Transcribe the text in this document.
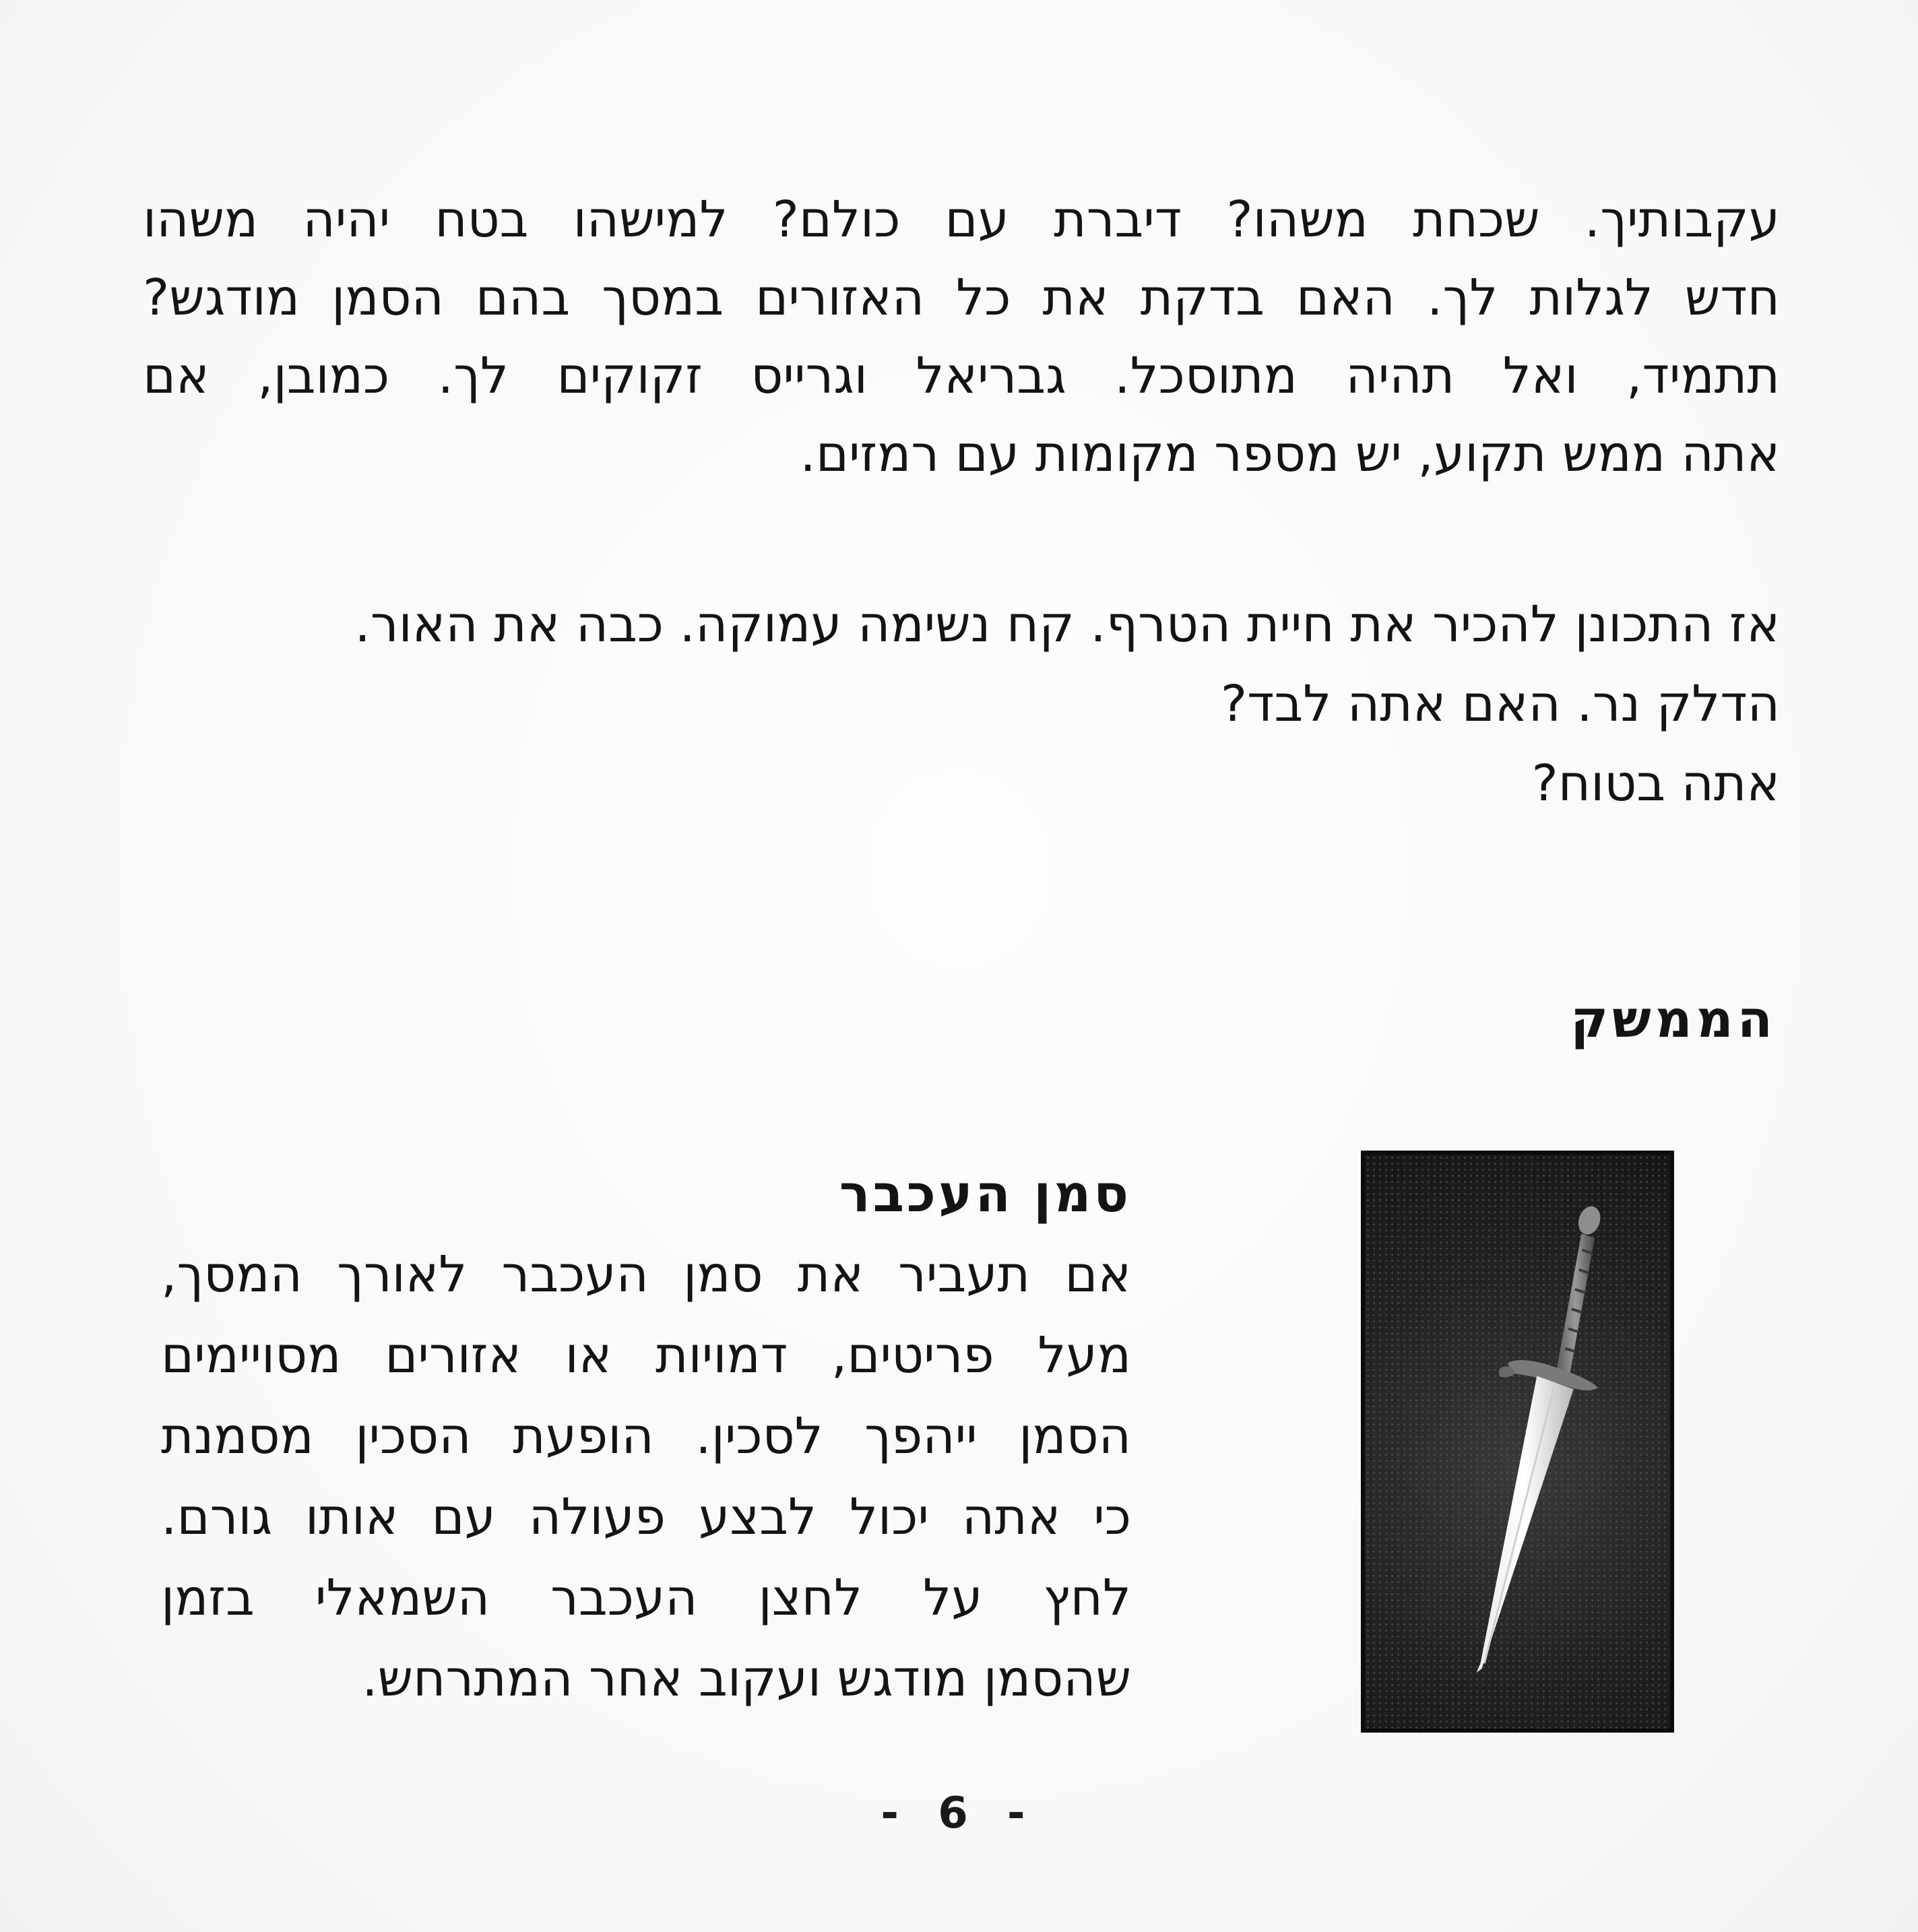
עקבותיך. שכחת משהו? דיברת עם כולם? למישהו בטח יהיה משהו
חדש לגלות לך. האם בדקת את כל האזורים במסך בהם הסמן מודגש?
תתמיד, ואל תהיה מתוסכל. גבריאל וגרייס זקוקים לך. כמובן, אם
אתה ממש תקוע, יש מספר מקומות עם רמזים.
אז התכונן להכיר את חיית הטרף. קח נשימה עמוקה. כבה את האור.
הדלק נר. האם אתה לבד?
אתה בטוח?
הממשק
סמן העכבר
אם תעביר את סמן העכבר לאורך המסך,
מעל פריטים, דמויות או אזורים מסויימים
הסמן ייהפך לסכין. הופעת הסכין מסמנת
כי אתה יכול לבצע פעולה עם אותו גורם.
לחץ על לחצן העכבר השמאלי בזמן
שהסמן מודגש ועקוב אחר המתרחש.
- 6 -
